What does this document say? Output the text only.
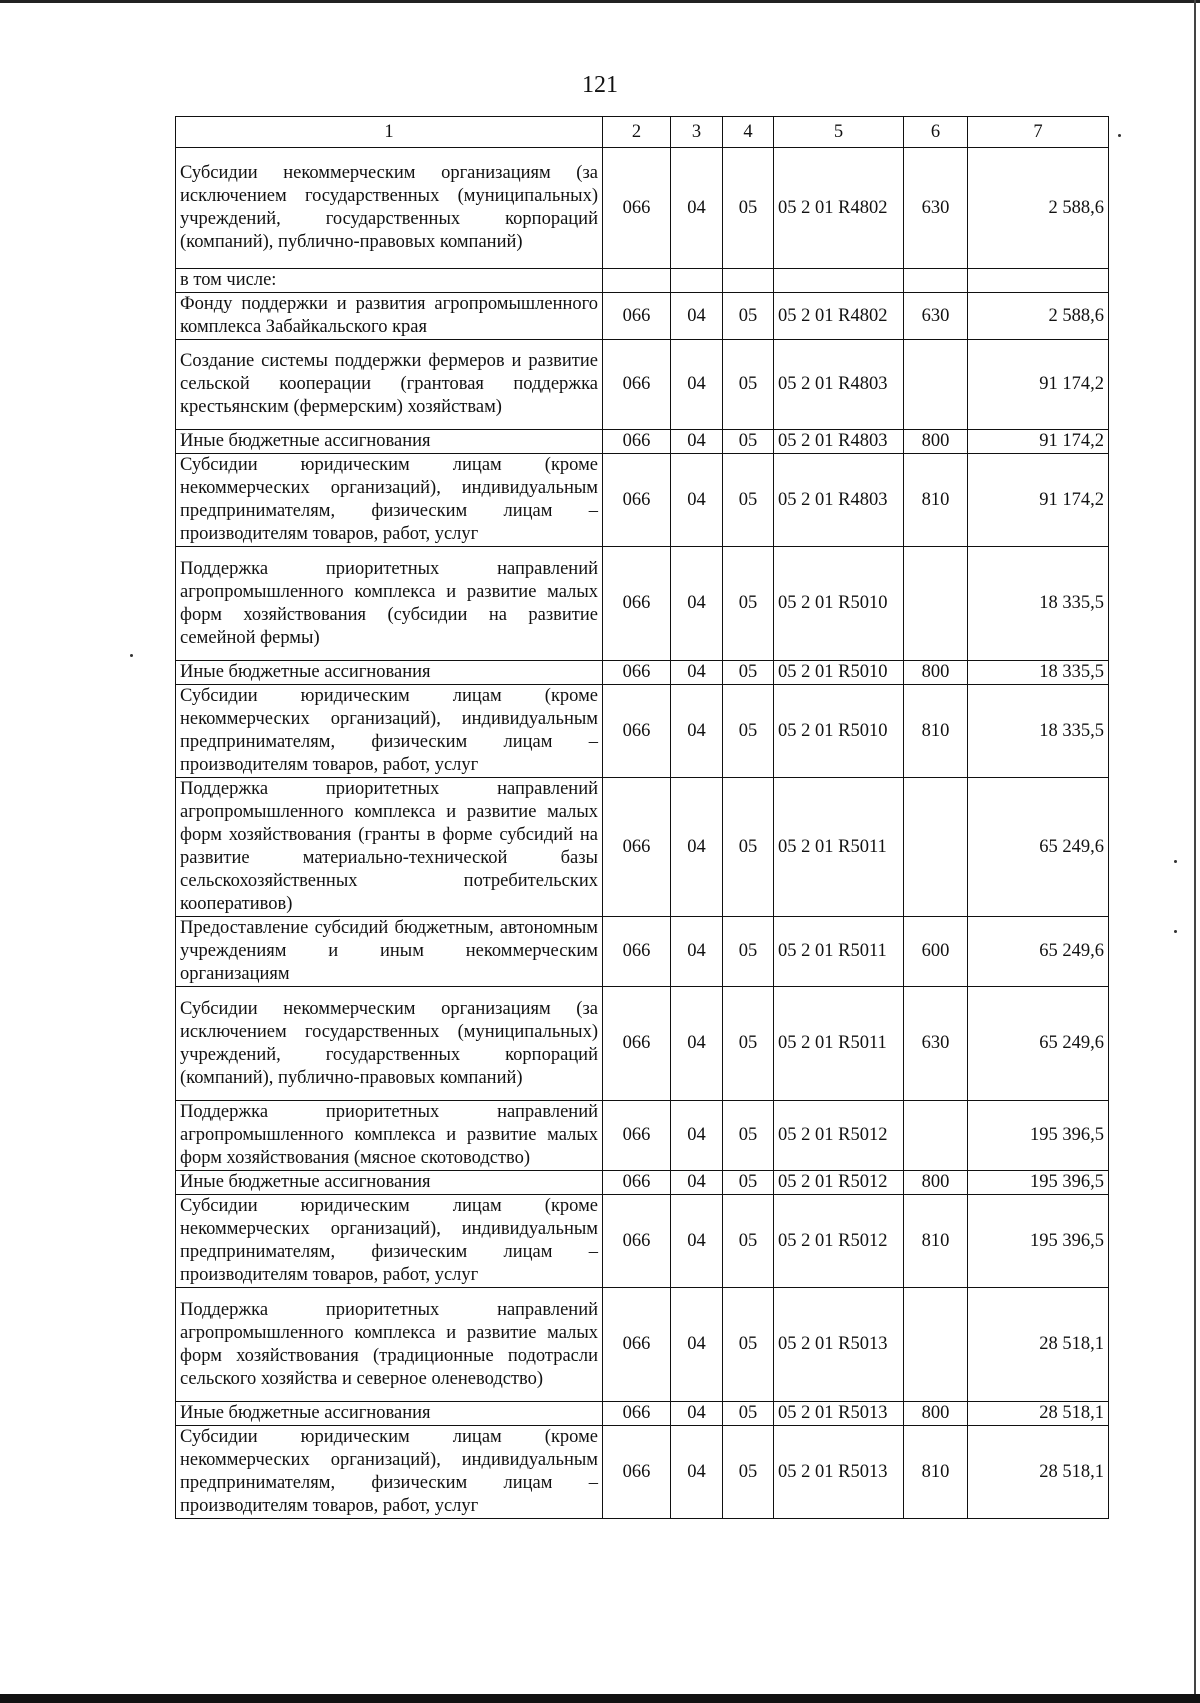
121
1	2	3	4	5	6	7
Субсидии некоммерческим организациям (за исключением государственных (муниципальных) учреждений, государственных корпораций (компаний), публично-правовых компаний)	066	04	05	05 2 01 R4802	630	2 588,6
в том числе:						
Фонду поддержки и развития агропромышленного комплекса Забайкальского края	066	04	05	05 2 01 R4802	630	2 588,6
Создание системы поддержки фермеров и развитие сельской кооперации (грантовая поддержка крестьянским (фермерским) хозяйствам)	066	04	05	05 2 01 R4803		91 174,2
Иные бюджетные ассигнования	066	04	05	05 2 01 R4803	800	91 174,2
Субсидии юридическим лицам (кроме некоммерческих организаций), индивидуальным предпринимателям, физическим лицам – производителям товаров, работ, услуг	066	04	05	05 2 01 R4803	810	91 174,2
Поддержка приоритетных направлений агропромышленного комплекса и развитие малых форм хозяйствования (субсидии на развитие семейной фермы)	066	04	05	05 2 01 R5010		18 335,5
Иные бюджетные ассигнования	066	04	05	05 2 01 R5010	800	18 335,5
Субсидии юридическим лицам (кроме некоммерческих организаций), индивидуальным предпринимателям, физическим лицам – производителям товаров, работ, услуг	066	04	05	05 2 01 R5010	810	18 335,5
Поддержка приоритетных направлений агропромышленного комплекса и развитие малых форм хозяйствования (гранты в форме субсидий на развитие материально-технической базы сельскохозяйственных потребительских кооперативов)	066	04	05	05 2 01 R5011		65 249,6
Предоставление субсидий бюджетным, автономным учреждениям и иным некоммерческим организациям	066	04	05	05 2 01 R5011	600	65 249,6
Субсидии некоммерческим организациям (за исключением государственных (муниципальных) учреждений, государственных корпораций (компаний), публично-правовых компаний)	066	04	05	05 2 01 R5011	630	65 249,6
Поддержка приоритетных направлений агропромышленного комплекса и развитие малых форм хозяйствования (мясное скотоводство)	066	04	05	05 2 01 R5012		195 396,5
Иные бюджетные ассигнования	066	04	05	05 2 01 R5012	800	195 396,5
Субсидии юридическим лицам (кроме некоммерческих организаций), индивидуальным предпринимателям, физическим лицам – производителям товаров, работ, услуг	066	04	05	05 2 01 R5012	810	195 396,5
Поддержка приоритетных направлений агропромышленного комплекса и развитие малых форм хозяйствования (традиционные подотрасли сельского хозяйства и северное оленеводство)	066	04	05	05 2 01 R5013		28 518,1
Иные бюджетные ассигнования	066	04	05	05 2 01 R5013	800	28 518,1
Субсидии юридическим лицам (кроме некоммерческих организаций), индивидуальным предпринимателям, физическим лицам – производителям товаров, работ, услуг	066	04	05	05 2 01 R5013	810	28 518,1
